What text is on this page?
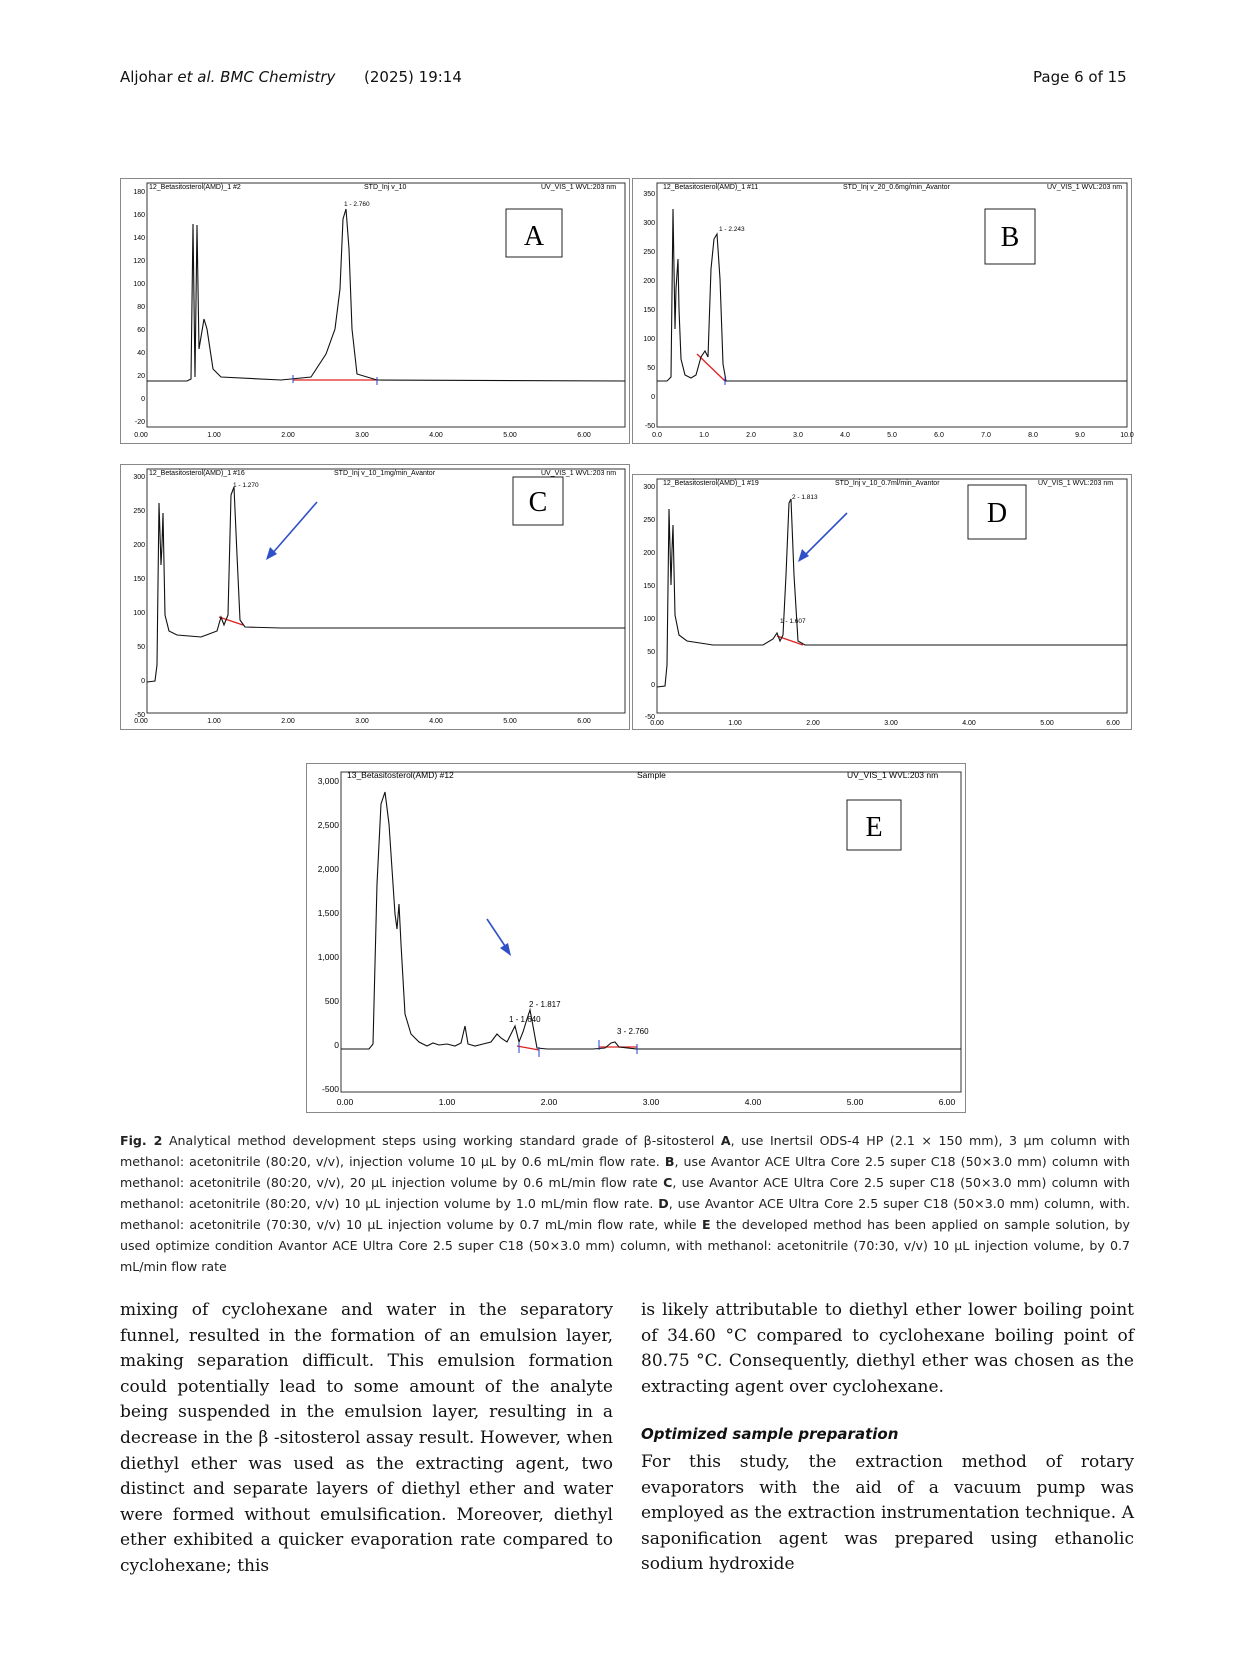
Aljohar et al. BMC Chemistry (2025) 19:14	Page 6 of 15
12_Betasitosterol(AMD)_1 #2	STD_Inj v_10	UV_VIS_1 WVL:203 nm
180
160
140
120
100
80
60
40
20
0
-20
0.00	1.00	2.00	3.00	4.00	5.00	6.00
1 - 2.760
A
12_Betasitosterol(AMD)_1 #11	STD_Inj v_20_0.6mg/min_Avantor	UV_VIS_1 WVL:203 nm
350
300
250
200
150
100
50
0
-50
0.0	1.0	2.0	3.0	4.0	5.0	6.0	7.0	8.0	9.0	10.0
1 - 2.243	B
12_Betasitosterol(AMD)_1 #16	STD_Inj v_10_1mg/min_Avantor	UV_VIS_1 WVL:203 nm
300
250
200
150
100
50
0
-50
0.00	1.00	2.00	3.00	4.00	5.00	6.00
1 - 1.270
C
12_Betasitosterol(AMD)_1 #19	STD_Inj v_10_0.7ml/min_Avantor	UV_VIS_1 WVL:203 nm
300
250
200
150
100
50
0
-50
0.00	1.00	2.00	3.00	4.00	5.00	6.00
2 - 1.813
1 - 1.607
D
13_Betasitosterol(AMD) #12	Sample	UV_VIS_1 WVL:203 nm
3,000
2,500
2,000
1,500
1,000
500
0
-500
0.00	1.00	2.00	3.00	4.00	5.00	6.00
2 - 1.817
1 - 1.640
3 - 2.760
E
Fig. 2 Analytical method development steps using working standard grade of β-sitosterol A, use Inertsil ODS-4 HP (2.1 × 150 mm), 3 μm column with methanol: acetonitrile (80:20, v/v), injection volume 10 μL by 0.6 mL/min flow rate. B, use Avantor ACE Ultra Core 2.5 super C18 (50×3.0 mm) column with methanol: acetonitrile (80:20, v/v), 20 μL injection volume by 0.6 mL/min flow rate C, use Avantor ACE Ultra Core 2.5 super C18 (50×3.0 mm) column with methanol: acetonitrile (80:20, v/v) 10 μL injection volume by 1.0 mL/min flow rate. D, use Avantor ACE Ultra Core 2.5 super C18 (50×3.0 mm) column, with. methanol: acetonitrile (70:30, v/v) 10 μL injection volume by 0.7 mL/min flow rate, while E the developed method has been applied on sample solution, by used optimize condition Avantor ACE Ultra Core 2.5 super C18 (50×3.0 mm) column, with methanol: acetonitrile (70:30, v/v) 10 μL injection volume, by 0.7 mL/min flow rate
mixing of cyclohexane and water in the separatory funnel, resulted in the formation of an emulsion layer, making separation difficult. This emulsion formation could potentially lead to some amount of the analyte being suspended in the emulsion layer, resulting in a decrease in the β -sitosterol assay result. However, when diethyl ether was used as the extracting agent, two distinct and separate layers of diethyl ether and water were formed without emulsification. Moreover, diethyl ether exhibited a quicker evaporation rate compared to cyclohexane; this
is likely attributable to diethyl ether lower boiling point of 34.60 °C compared to cyclohexane boiling point of 80.75 °C. Consequently, diethyl ether was chosen as the extracting agent over cyclohexane.
Optimized sample preparation
For this study, the extraction method of rotary evaporators with the aid of a vacuum pump was employed as the extraction instrumentation technique. A saponification agent was prepared using ethanolic sodium hydroxide
